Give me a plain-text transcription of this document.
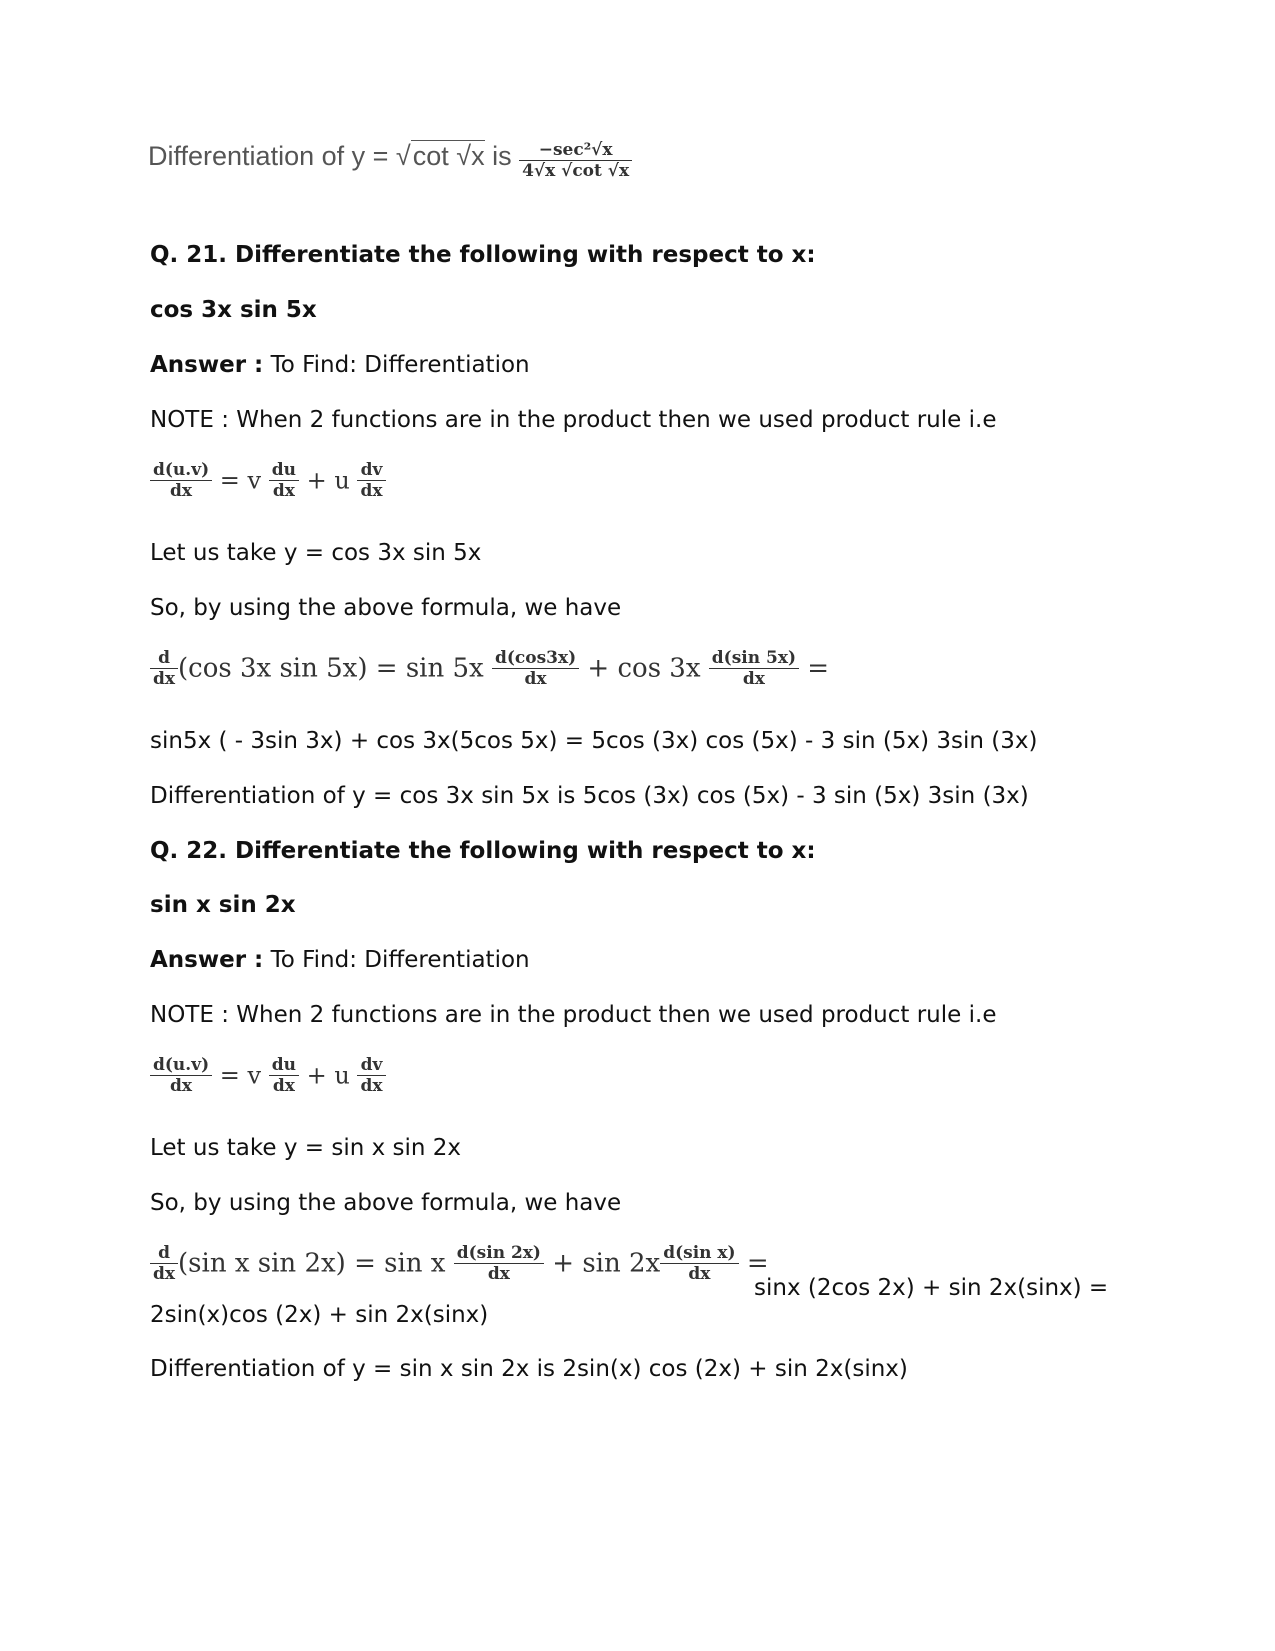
Differentiation of y = √cot √x is $\frac{\text{−sec²√x}}{4√x √\cot √x}$
Q. 21. Differentiate the following with respect to x:
cos 3x sin 5x
Answer : To Find: Differentiation
NOTE : When 2 functions are in the product then we used product rule i.e
$\frac{d(u.v)}{dx} = v \frac{du}{dx} + u \frac{dv}{dx}$
Let us take y = cos 3x sin 5x
So, by using the above formula, we have
$\frac{d}{dx} (\cos$ 3x $\sin 5x) = \sin 5x \frac{d(\cos 3x)}{dx} + \cos 3x \frac{d(\sin 5x)}{dx}$ =
sin5x ( - 3sin 3x) + cos 3x(5cos 5x) = 5cos (3x) cos (5x) - 3 sin (5x) 3sin (3x)
Differentiation of y = cos 3x sin 5x is 5cos (3x) cos (5x) - 3 sin (5x) 3sin (3x)
Q. 22. Differentiate the following with respect to x:
sin x sin 2x
Answer : To Find: Differentiation
NOTE : When 2 functions are in the product then we used product rule i.e
$\frac{d(u.v)}{dx} = v \frac{du}{dx} + u \frac{dv}{dx}$
Let us take y = sin x sin 2x
So, by using the above formula, we have
$\frac{d}{dx} (\sin$ x sin 2x) = sin x $\frac{d(\sin 2x)}{dx} + \sin 2x \frac{\text{d(sin x)}}{dx}$ =
sinx (2cos 2x) + sin 2x(sinx) =
2sin(x)cos (2x) + sin 2x(sinx)
Differentiation of y = sin x sin 2x is 2sin(x) cos (2x) + sin 2x(sinx)
